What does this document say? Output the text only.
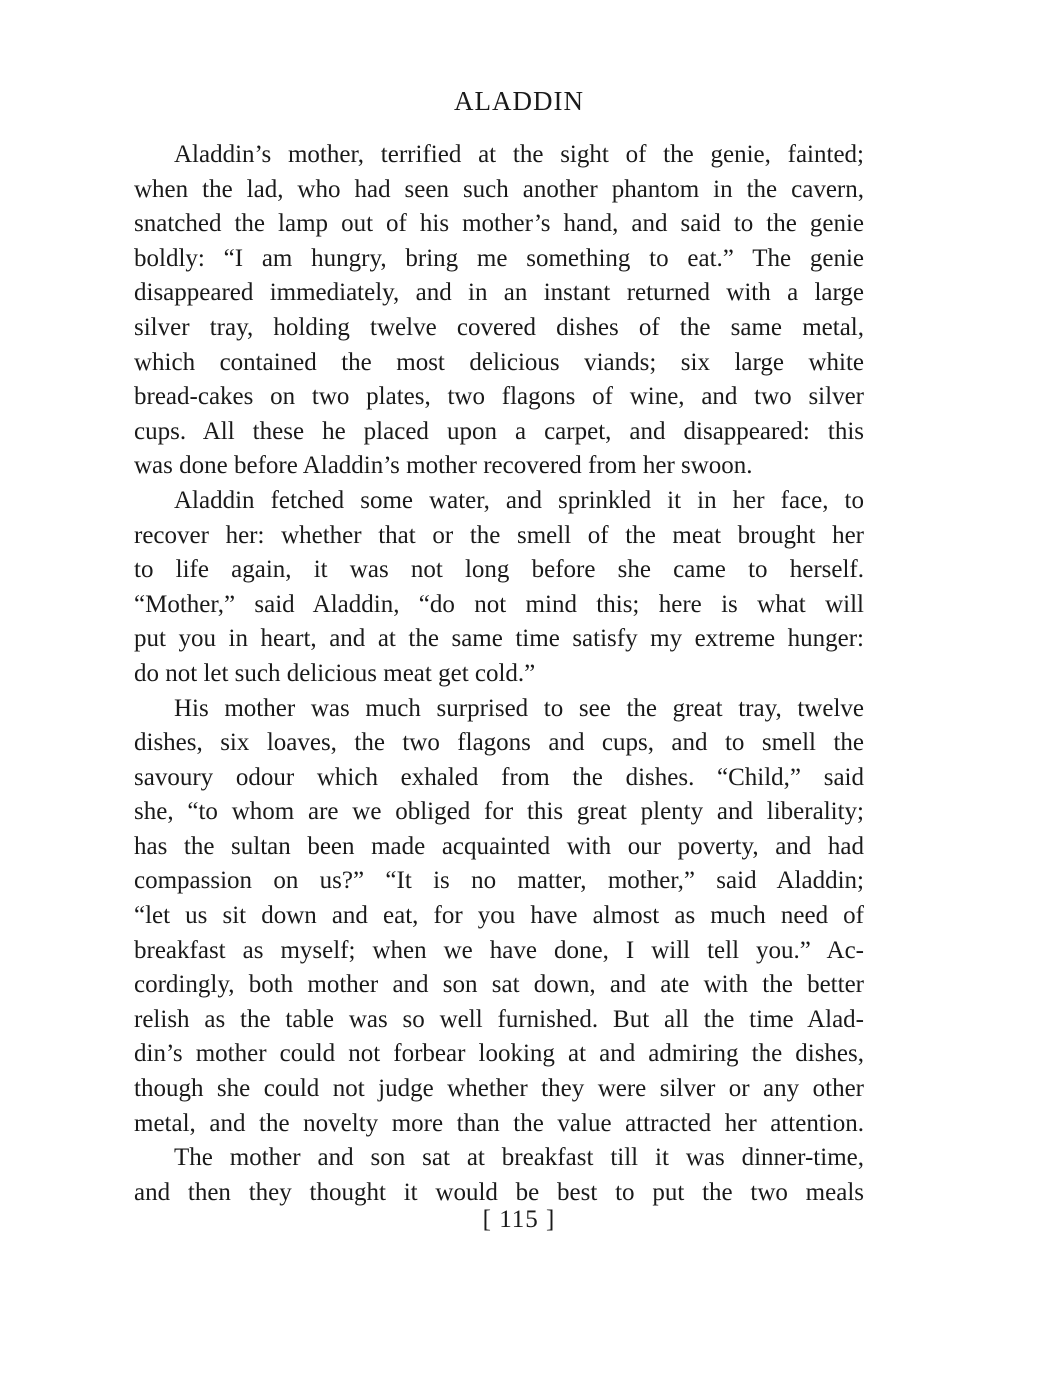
ALADDIN

Aladdin’s mother, terrified at the sight of the genie, fainted;
when the lad, who had seen such another phantom in the cavern,
snatched the lamp out of his mother’s hand, and said to the genie
boldly: “I am hungry, bring me something to eat.” The genie
disappeared immediately, and in an instant returned with a large
silver tray, holding twelve covered dishes of the same metal,
which contained the most delicious viands; six large white
bread-cakes on two plates, two flagons of wine, and two silver
cups. All these he placed upon a carpet, and disappeared: this
was done before Aladdin’s mother recovered from her swoon.

Aladdin fetched some water, and sprinkled it in her face, to
recover her: whether that or the smell of the meat brought her
to life again, it was not long before she came to herself.
“Mother,” said Aladdin, “do not mind this; here is what will
put you in heart, and at the same time satisfy my extreme hunger:
do not let such delicious meat get cold.”

His mother was much surprised to see the great tray, twelve
dishes, six loaves, the two flagons and cups, and to smell the
savoury odour which exhaled from the dishes. “Child,” said
she, “to whom are we obliged for this great plenty and liberality;
has the sultan been made acquainted with our poverty, and had
compassion on us?” “It is no matter, mother,” said Aladdin;
“let us sit down and eat, for you have almost as much need of
breakfast as myself; when we have done, I will tell you.” Ac-
cordingly, both mother and son sat down, and ate with the better
relish as the table was so well furnished. But all the time Alad-
din’s mother could not forbear looking at and admiring the dishes,
though she could not judge whether they were silver or any other
metal, and the novelty more than the value attracted her attention.

The mother and son sat at breakfast till it was dinner-time,
and then they thought it would be best to put the two meals

[ 115 ]
